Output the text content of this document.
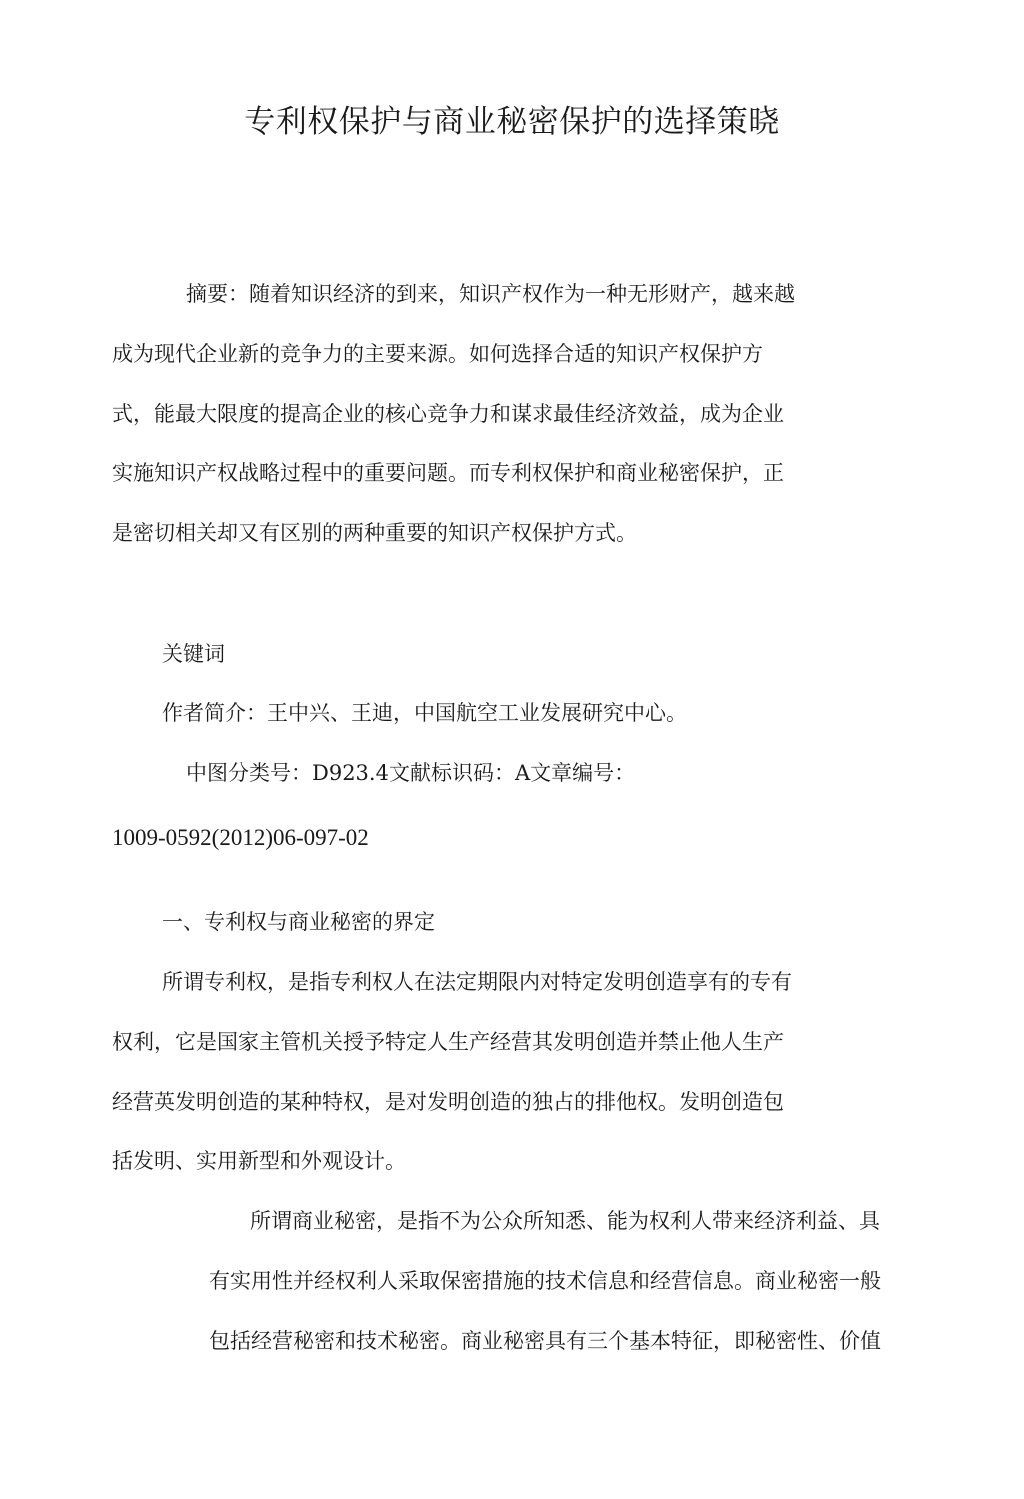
专利权保护与商业秘密保护的选择策晓
摘要：随着知识经济的到来，知识产权作为一种无形财产，越来越
成为现代企业新的竞争力的主要来源。如何选择合适的知识产权保护方
式，能最大限度的提高企业的核心竞争力和谋求最佳经济效益，成为企业
实施知识产权战略过程中的重要问题。而专利权保护和商业秘密保护，正
是密切相关却又有区别的两种重要的知识产权保护方式。
关键词
作者简介：王中兴、王迪，中国航空工业发展研究中心。
中图分类号：D923.4文献标识码：A文章编号：
1009-0592(2012)06-097-02
一、专利权与商业秘密的界定
所谓专利权，是指专利权人在法定期限内对特定发明创造享有的专有
权利，它是国家主管机关授予特定人生产经营其发明创造并禁止他人生产
经营英发明创造的某种特权，是对发明创造的独占的排他权。发明创造包
括发明、实用新型和外观设计。
所谓商业秘密，是指不为公众所知悉、能为权利人带来经济利益、具
有实用性并经权利人采取保密措施的技术信息和经营信息。商业秘密一般
包括经营秘密和技术秘密。商业秘密具有三个基本特征，即秘密性、价值
